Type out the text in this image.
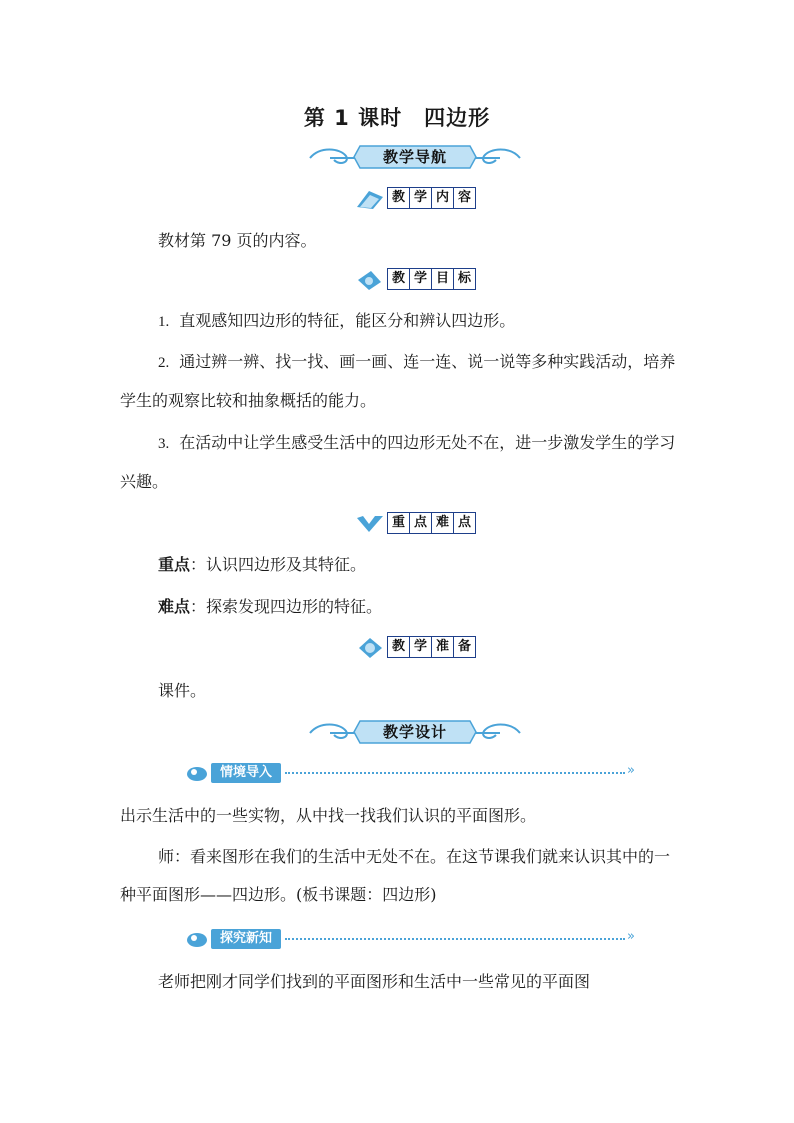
第 1 课时　四边形
教学导航
教 学 内 容
教材第 79 页的内容。
教 学 目 标
1. 直观感知四边形的特征，能区分和辨认四边形。
2. 通过辨一辨、找一找、画一画、连一连、说一说等多种实践活动，培养学生的观察比较和抽象概括的能力。
3. 在活动中让学生感受生活中的四边形无处不在，进一步激发学生的学习兴趣。
重 点 难 点
重点：认识四边形及其特征。
难点：探索发现四边形的特征。
教 学 准 备
课件。
教学设计
情境导入	»
出示生活中的一些实物，从中找一找我们认识的平面图形。
师：看来图形在我们的生活中无处不在。在这节课我们就来认识其中的一种平面图形——四边形。(板书课题：四边形)
探究新知	»
老师把刚才同学们找到的平面图形和生活中一些常见的平面图
